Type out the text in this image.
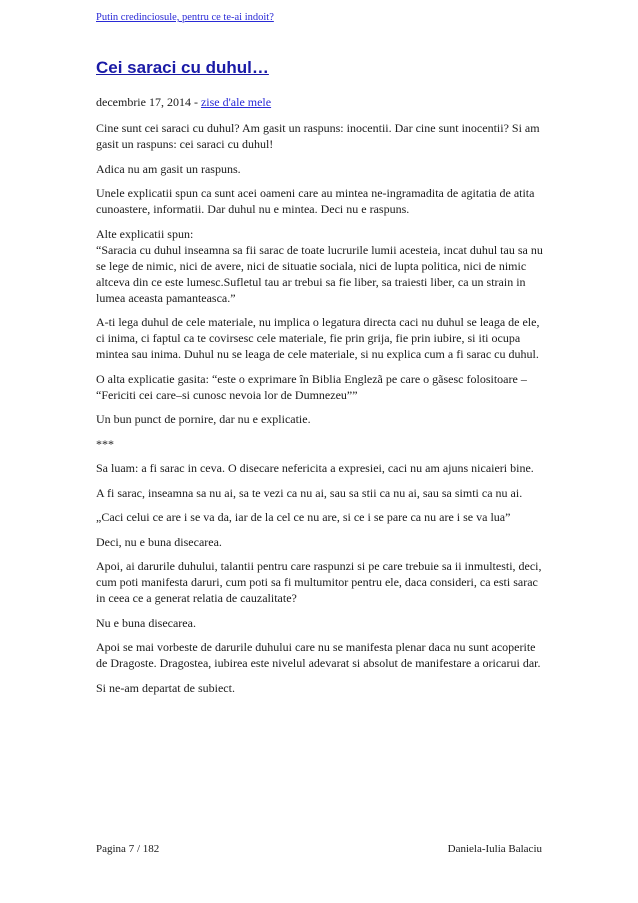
Putin credinciosule, pentru ce te-ai indoit?
Cei saraci cu duhul…
decembrie 17, 2014 - zise d'ale mele

Cine sunt cei saraci cu duhul? Am gasit un raspuns: inocentii. Dar cine sunt inocentii? Si am gasit un raspuns: cei saraci cu duhul!

Adica nu am gasit un raspuns.

Unele explicatii spun ca sunt acei oameni care au mintea ne-ingramadita de agitatia de atita cunoastere, informatii. Dar duhul nu e mintea. Deci nu e raspuns.

Alte explicatii spun:
“Saracia cu duhul inseamna sa fii sarac de toate lucrurile lumii acesteia, incat duhul tau sa nu se lege de nimic, nici de avere, nici de situatie sociala, nici de lupta politica, nici de nimic altceva din ce este lumesc.Sufletul tau ar trebui sa fie liber, sa traiesti liber, ca un strain in lumea aceasta pamanteasca.”

A-ti lega duhul de cele materiale, nu implica o legatura directa caci nu duhul se leaga de ele, ci inima, ci faptul ca te covirsesc cele materiale, fie prin grija, fie prin iubire, si iti ocupa mintea sau inima. Duhul nu se leaga de cele materiale, si nu explica cum a fi sarac cu duhul.

O alta explicatie gasita: “este o exprimare în Biblia Englezã pe care o gãsesc folositoare – “Fericiti cei care–si cunosc nevoia lor de Dumnezeu””

Un bun punct de pornire, dar nu e explicatie.

***

Sa luam: a fi sarac in ceva. O disecare nefericita a expresiei, caci nu am ajuns nicaieri bine.

A fi sarac, inseamna sa nu ai, sa te vezi ca nu ai, sau sa stii ca nu ai, sau sa simti ca nu ai.

„Caci celui ce are i se va da, iar de la cel ce nu are, si ce i se pare ca nu are i se va lua”

Deci, nu e buna disecarea.

Apoi, ai darurile duhului, talantii pentru care raspunzi si pe care trebuie sa ii inmultesti, deci, cum poti manifesta daruri, cum poti sa fi multumitor pentru ele, daca consideri, ca esti sarac in ceea ce a generat relatia de cauzalitate?

Nu e buna disecarea.

Apoi se mai vorbeste de darurile duhului care nu se manifesta plenar daca nu sunt acoperite de Dragoste. Dragostea, iubirea este nivelul adevarat si absolut de manifestare a oricarui dar.

Si ne-am departat de subiect.

Pagina 7 / 182	Daniela-Iulia Balaciu
